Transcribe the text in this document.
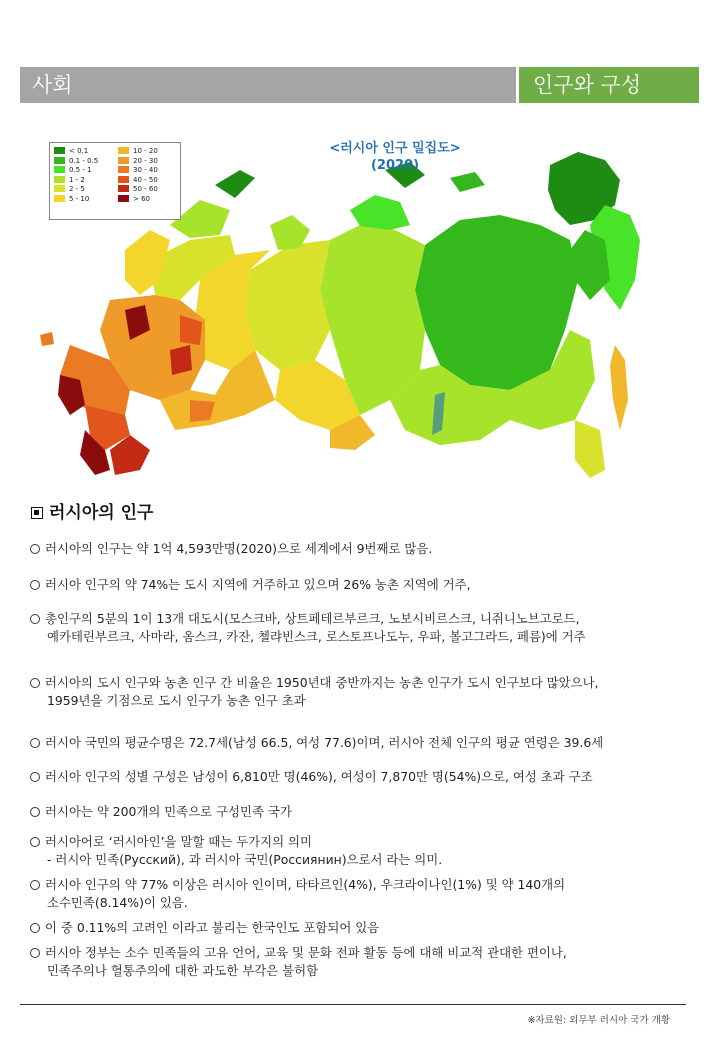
사회	인구와 구성
< 0.1
0.1 - 0.5
0.5 - 1
1 - 2
2 - 5
5 - 10
10 - 20
20 - 30
30 - 40
40 - 50
50 - 60
> 60
<러시아 인구 밀집도>
(2020)
러시아의 인구
러시아의 인구는 약 1억 4,593만명(2020)으로 세계에서 9번째로 많음.
러시아 인구의 약 74%는 도시 지역에 거주하고 있으며 26% 농촌 지역에 거주,
총인구의 5분의 1이 13개 대도시(모스크바, 상트페테르부르크, 노보시비르스크, 니쥐니노브고로드,
예카테린부르크, 사마라, 옴스크, 카잔, 첼랴빈스크, 로스토프나도누, 우파, 볼고그라드, 페름)에 거주
러시아의 도시 인구와 농촌 인구 간 비율은 1950년대 중반까지는 농촌 인구가 도시 인구보다 많았으나,
1959년을 기점으로 도시 인구가 농촌 인구 초과
러시아 국민의 평균수명은 72.7세(남성 66.5, 여성 77.6)이며, 러시아 전체 인구의 평균 연령은 39.6세
러시아 인구의 성별 구성은 남성이 6,810만 명(46%), 여성이 7,870만 명(54%)으로, 여성 초과 구조
러시아는 약 200개의 민족으로 구성민족 국가
러시아어로 ‘러시아인’을 말할 때는 두가지의 의미
- 러시아 민족(Русский), 과 러시아 국민(Россиянин)으로서 라는 의미.
러시아 인구의 약 77% 이상은 러시아 인이며, 타타르인(4%), 우크라이나인(1%) 및 약 140개의
소수민족(8.14%)이 있음.
이 중 0.11%의 고려인 이라고 불리는 한국인도 포함되어 있음
러시아 정부는 소수 민족들의 고유 언어, 교육 및 문화 전파 활동 등에 대해 비교적 관대한 편이나,
민족주의나 혈통주의에 대한 과도한 부각은 불허함
※자료원: 외무부 러시아 국가 개황
